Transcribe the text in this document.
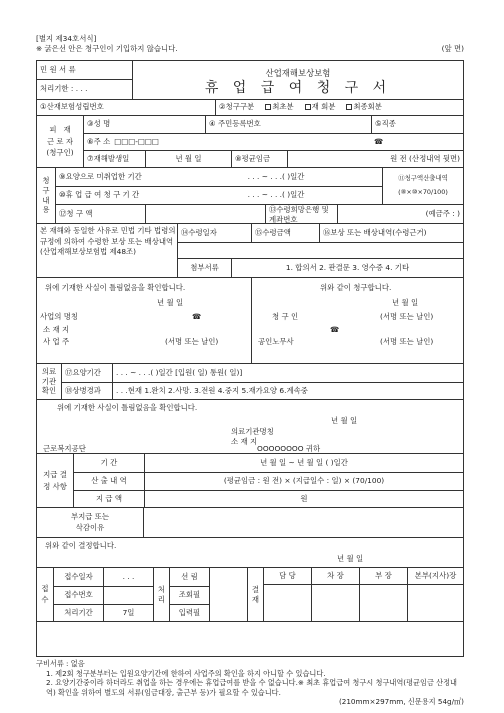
[별지 제34호서식]
※ 굵은선 안은 청구인이 기입하지 않습니다.	(앞 면)
민 원 서 류
처리기한 : . . .
산업재해보상보험
휴 업 급 여 청 구 서
①산재보험성립번호	②청구구분	최초분	재 회분	최종회분
피   재
근 로 자
(청구인)
③성 명	④ 주민등록번호	⑤직종
⑥주 소 □□□-□□□	☎
⑦재해발생일	년 월 일	⑧평균임금	원 전 (산정내역 뒷면)
청
구
내
용
⑨요양으로 미취업한 기간	. . . ~ . . .( )일간
⑩휴 업 급 여 청 구 기 간	. . . ~ . . .( )일간
⑪청구액산출내역
(⑧×⑩×70/100)
⑫청 구 액	⑬수령희망은행 및
계좌번호
(예금주 : )
본 재해와 동일한 사유로 민법 기타 법령의 규정에 의하여 수령한 보상 또는 배상내역(산업재해보상보험법 제48조)
⑭수령일자	⑮수령금액	⑯보상 또는 배상내역(수령근거)
첨부서류	1. 합의서 2. 판결문 3. 영수증 4. 기타
위에 기재한 사실이 틀림없음을 확인합니다.
년 월 일
사업의 명칭	☎
소 재 지
사 업 주	(서명 또는 날인)
위와 같이 청구합니다.
년 월 일
청 구 인	(서명 또는 날인)
☎
공인노무사	(서명 또는 날인)
의료
기관
확인
⑰요양기간	. . . ~ . . .( )일간 [입원( 일) 통원( 일)]
⑱상병경과	. . .현재 1.완치 2.사망. 3.전원 4.중지 5.재가요양 6.계속중
위에 기재한 사실이 틀림없음을 확인합니다.
년 월 일
의료기관명칭
소 재 지
근로복지공단	OOOOOOOO 귀하
지급 결
정 사항
기 간	년 월 일 ~ 년 월 일 ( )일간
산 출 내 역	(평균임금 : 원 전) × (지급일수 : 일) × (70/100)
지 급 액	원
부지급 또는
삭감이유
위와 같이 결정합니다.
년 월 일
접
수
접수일자	. . .
접수번호
처리기간	7일
처
리
선 림
조회필
입력필
결
재
담 당	차 장	부 장	본부(지사)장
구비서류 : 없음
1. 제2회 청구분부터는 입원요양기간에 한하여 사업주의 확인을 하지 아니할 수 있습니다.
2. 요양기간중이라 하더라도 취업을 하는 경우에는 휴업급여를 받을 수 없습니다.※ 최초 휴업급여 청구시 청구내역(평균임금 산정내역) 확인을 위하여 별도의 서류(임금대장, 출근부 등)가 필요할 수 있습니다.
(210mm×297mm, 신문용지 54g/㎡)
